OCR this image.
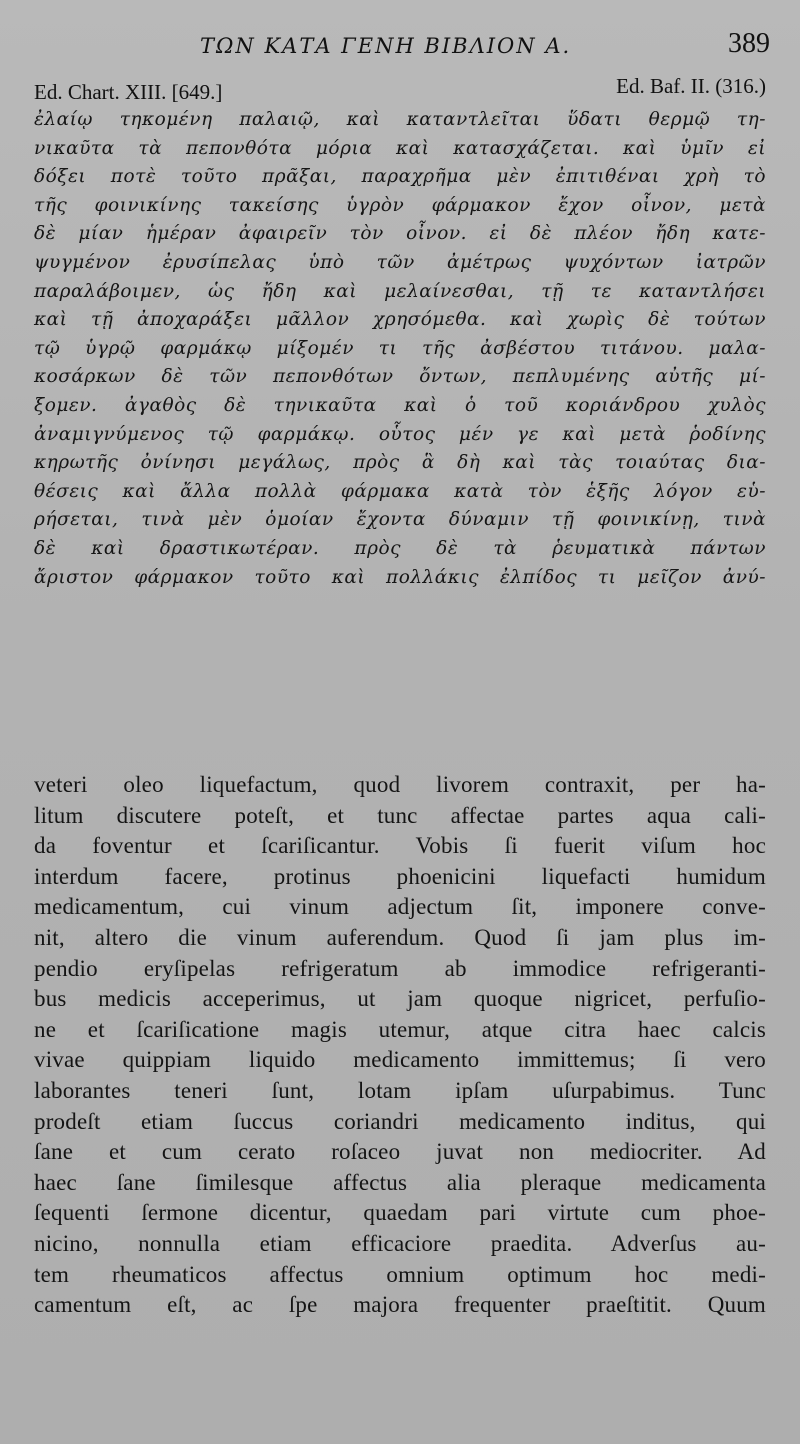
ΤΩΝ ΚΑΤΑ ΓΕΝΗ ΒΙΒΛΙΟΝ Α.	389
Ed. Chart. XIII. [649.]	Ed. Baf. II. (316.)
ἐλαίῳ τηκομένη παλαιῷ, καὶ καταντλεῖται ὕδατι θερμῷ τη-
νικαῦτα τὰ πεπονθότα μόρια καὶ κατασχάζεται. καὶ ὑμῖν εἰ
δόξει ποτὲ τοῦτο πρᾶξαι, παραχρῆμα μὲν ἐπιτιθέναι χρὴ τὸ
τῆς φοινικίνης τακείσης ὑγρὸν φάρμακον ἔχον οἶνον, μετὰ
δὲ μίαν ἡμέραν ἀφαιρεῖν τὸν οἶνον. εἰ δὲ πλέον ἤδη κατε-
ψυγμένον ἐρυσίπελας ὑπὸ τῶν ἀμέτρως ψυχόντων ἰατρῶν
παραλάβοιμεν, ὡς ἤδη καὶ μελαίνεσθαι, τῇ τε καταντλήσει
καὶ τῇ ἀποχαράξει μᾶλλον χρησόμεθα. καὶ χωρὶς δὲ τούτων
τῷ ὑγρῷ φαρμάκῳ μίξομέν τι τῆς ἀσβέστου τιτάνου. μαλα-
κοσάρκων δὲ τῶν πεπονθότων ὄντων, πεπλυμένης αὐτῆς μί-
ξομεν. ἀγαθὸς δὲ τηνικαῦτα καὶ ὁ τοῦ κοριάνδρου χυλὸς
ἀναμιγνύμενος τῷ φαρμάκῳ. οὗτος μέν γε καὶ μετὰ ῥοδίνης
κηρωτῆς ὀνίνησι μεγάλως, πρὸς ἃ δὴ καὶ τὰς τοιαύτας δια-
θέσεις καὶ ἄλλα πολλὰ φάρμακα κατὰ τὸν ἑξῆς λόγον εὑ-
ρήσεται, τινὰ μὲν ὁμοίαν ἔχοντα δύναμιν τῇ φοινικίνῃ, τινὰ
δὲ καὶ δραστικωτέραν. πρὸς δὲ τὰ ῥευματικὰ πάντων
ἄριστον φάρμακον τοῦτο καὶ πολλάκις ἐλπίδος τι μεῖζον ἀνύ-
veteri oleo liquefactum, quod livorem contraxit, per ha-
litum discutere poteſt, et tunc affectae partes aqua cali-
da foventur et ſcariſicantur. Vobis ſi fuerit viſum hoc
interdum facere, protinus phoenicini liquefacti humidum
medicamentum, cui vinum adjectum ſit, imponere conve-
nit, altero die vinum auferendum. Quod ſi jam plus im-
pendio eryſipelas refrigeratum ab immodice refrigeranti-
bus medicis acceperimus, ut jam quoque nigricet, perfuſio-
ne et ſcariſicatione magis utemur, atque citra haec calcis
vivae quippiam liquido medicamento immittemus; ſi vero
laborantes teneri ſunt, lotam ipſam uſurpabimus. Tunc
prodeſt etiam ſuccus coriandri medicamento inditus, qui
ſane et cum cerato roſaceo juvat non mediocriter. Ad
haec ſane ſimilesque affectus alia pleraque medicamenta
ſequenti ſermone dicentur, quaedam pari virtute cum phoe-
nicino, nonnulla etiam efficaciore praedita. Adverſus au-
tem rheumaticos affectus omnium optimum hoc medi-
camentum eſt, ac ſpe majora frequenter praeſtitit. Quum
